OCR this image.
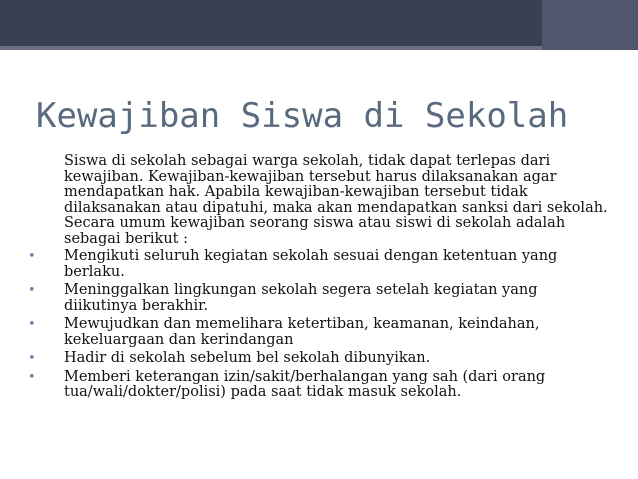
Kewajiban Siswa di Sekolah

Siswa di sekolah sebagai warga sekolah, tidak dapat terlepas dari kewajiban. Kewajiban-kewajiban tersebut harus dilaksanakan agar mendapatkan hak. Apabila kewajiban-kewajiban tersebut tidak dilaksanakan atau dipatuhi, maka akan mendapatkan sanksi dari sekolah. Secara umum kewajiban seorang siswa atau siswi di sekolah adalah sebagai berikut :

• Mengikuti seluruh kegiatan sekolah sesuai dengan ketentuan yang berlaku.
• Meninggalkan lingkungan sekolah segera setelah kegiatan yang diikutinya berakhir.
• Mewujudkan dan memelihara ketertiban, keamanan, keindahan, kekeluargaan dan kerindangan
• Hadir di sekolah sebelum bel sekolah dibunyikan.
• Memberi keterangan izin/sakit/berhalangan yang sah (dari orang tua/wali/dokter/polisi) pada saat tidak masuk sekolah.
